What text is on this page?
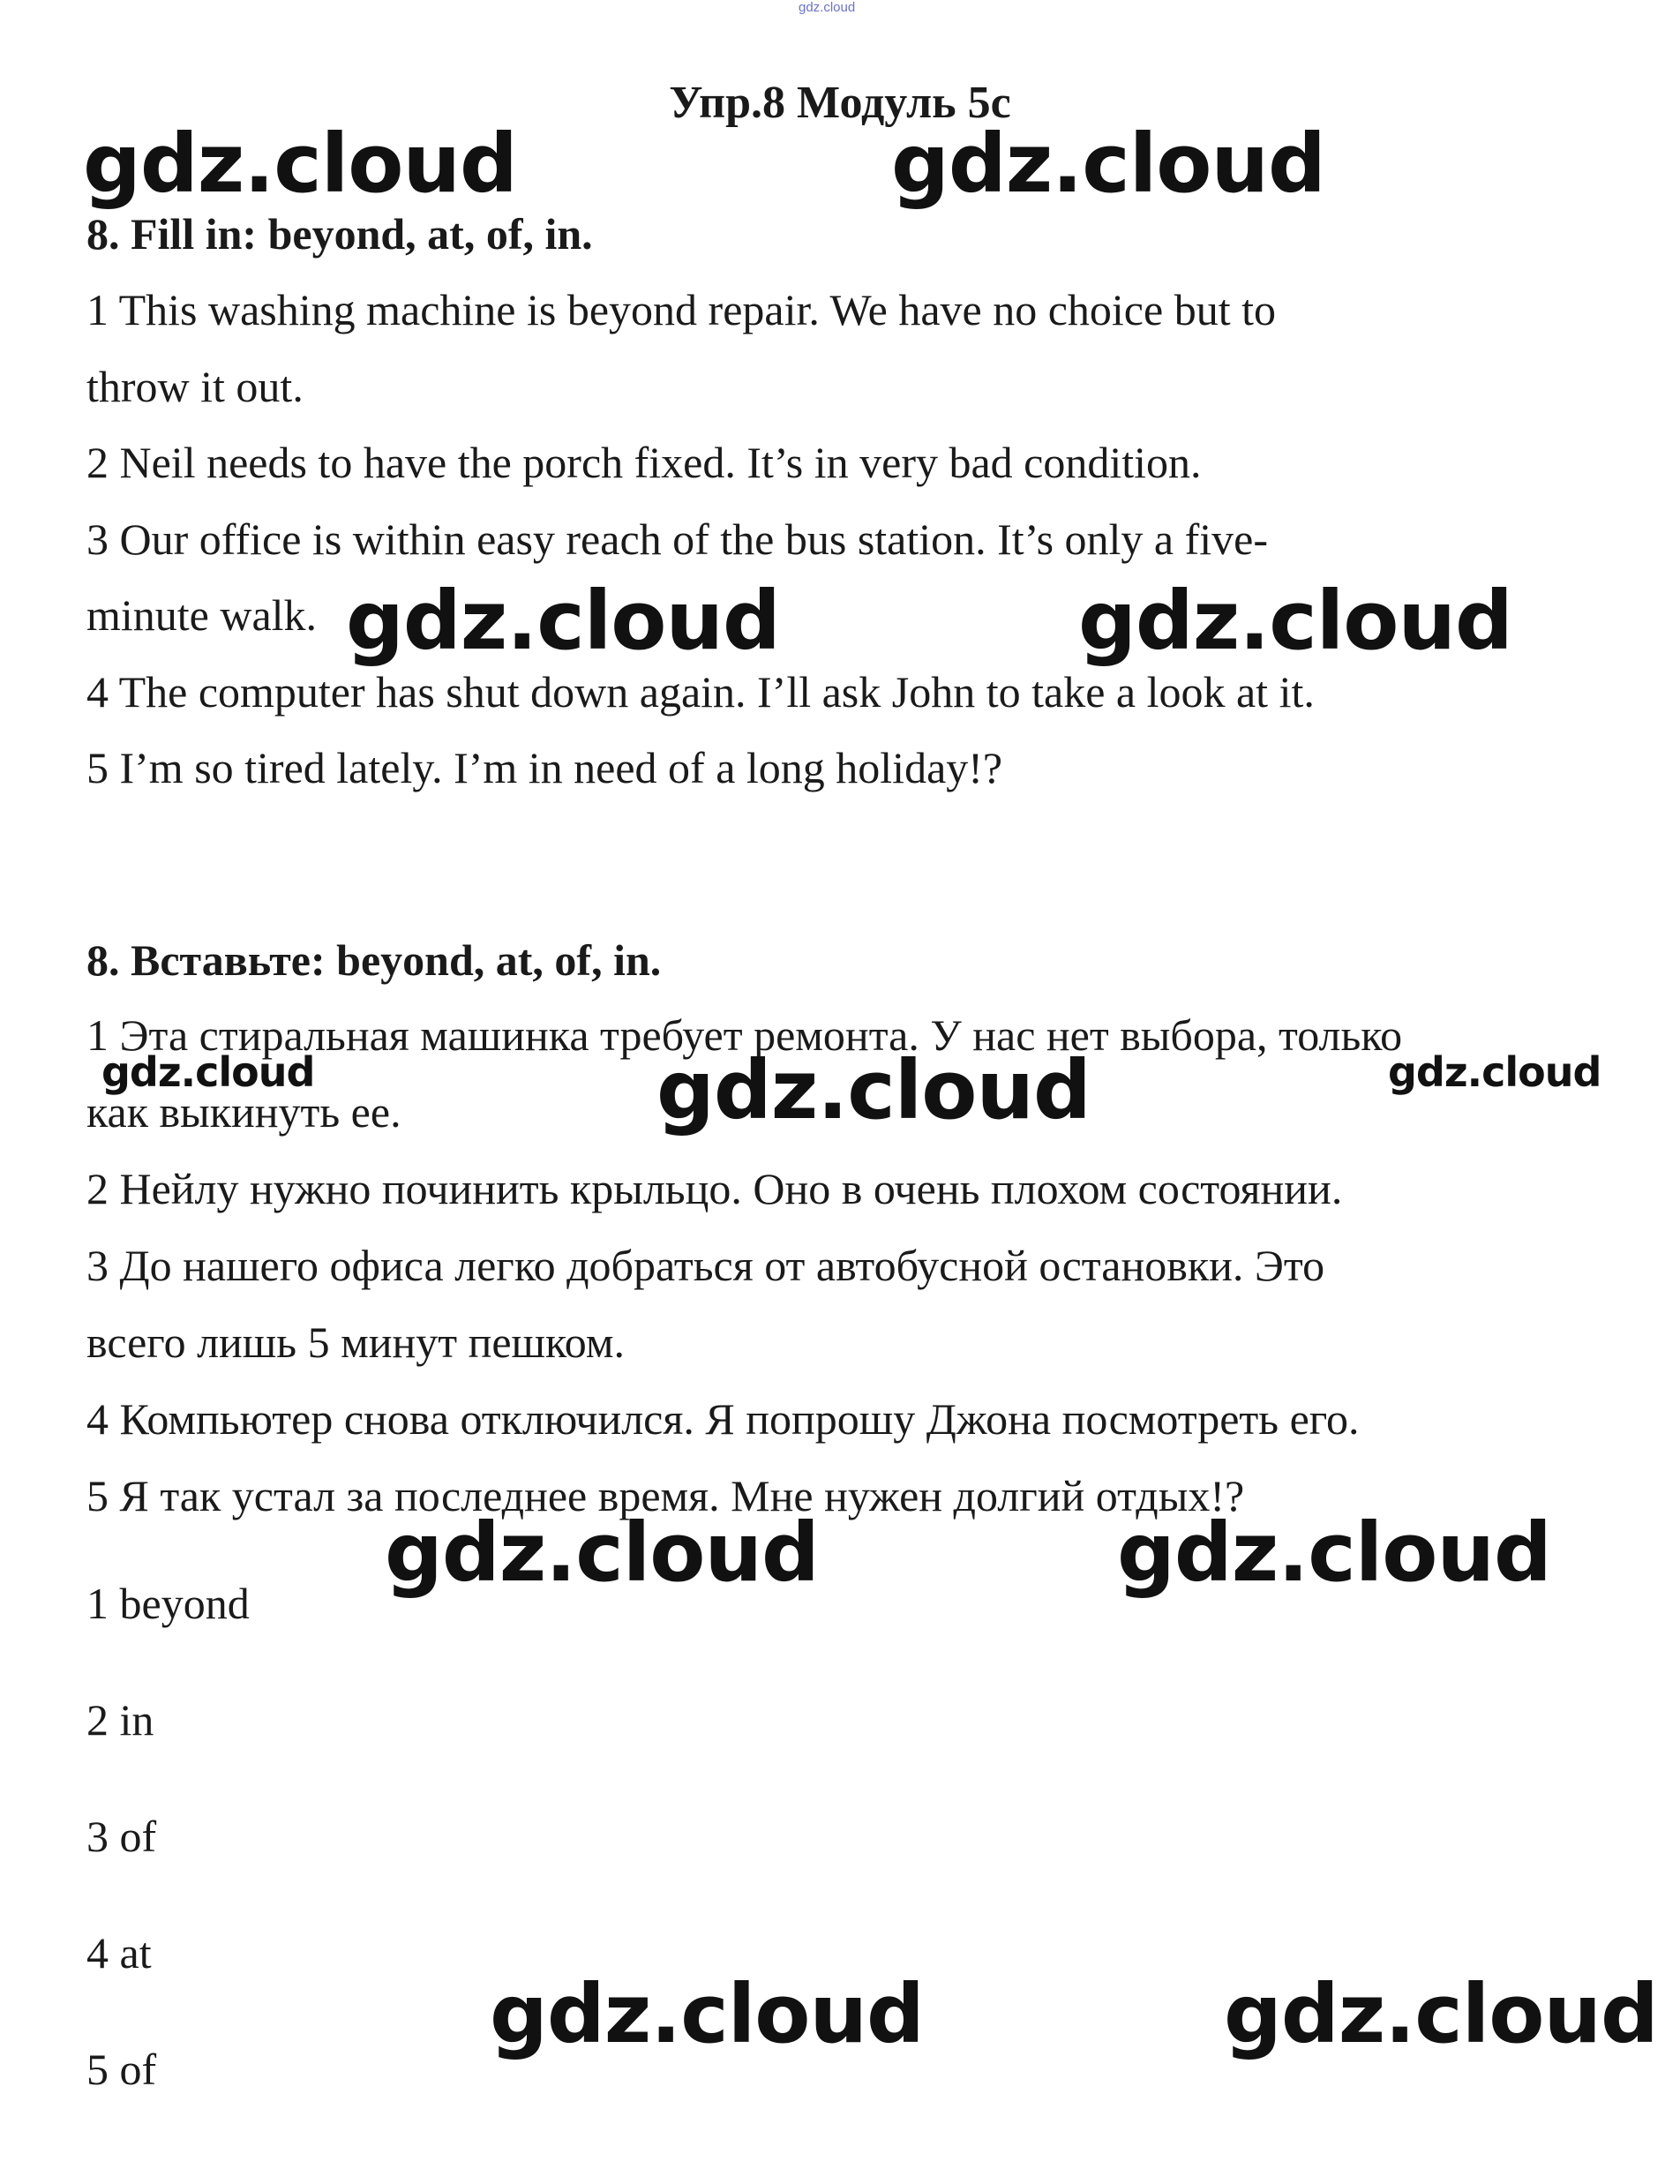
gdz.cloud
Упр.8 Модуль 5с
8. Fill in: beyond, at, of, in.
1 This washing machine is beyond repair. We have no choice but to
throw it out.
2 Neil needs to have the porch fixed. It’s in very bad condition.
3 Our office is within easy reach of the bus station. It’s only a five-
minute walk.
4 The computer has shut down again. I’ll ask John to take a look at it.
5 I’m so tired lately. I’m in need of a long holiday!?
8. Вставьте: beyond, at, of, in.
1 Эта стиральная машинка требует ремонта. У нас нет выбора, только
как выкинуть ее.
2 Нейлу нужно починить крыльцо. Оно в очень плохом состоянии.
3 До нашего офиса легко добраться от автобусной остановки. Это
всего лишь 5 минут пешком.
4 Компьютер снова отключился. Я попрошу Джона посмотреть его.
5 Я так устал за последнее время. Мне нужен долгий отдых!?
1 beyond
2 in
3 of
4 at
5 of
gdz.cloud	gdz.cloud
gdz.cloud	gdz.cloud
gdz.cloud	gdz.cloud	gdz.cloud
gdz.cloud	gdz.cloud
gdz.cloud	gdz.cloud
